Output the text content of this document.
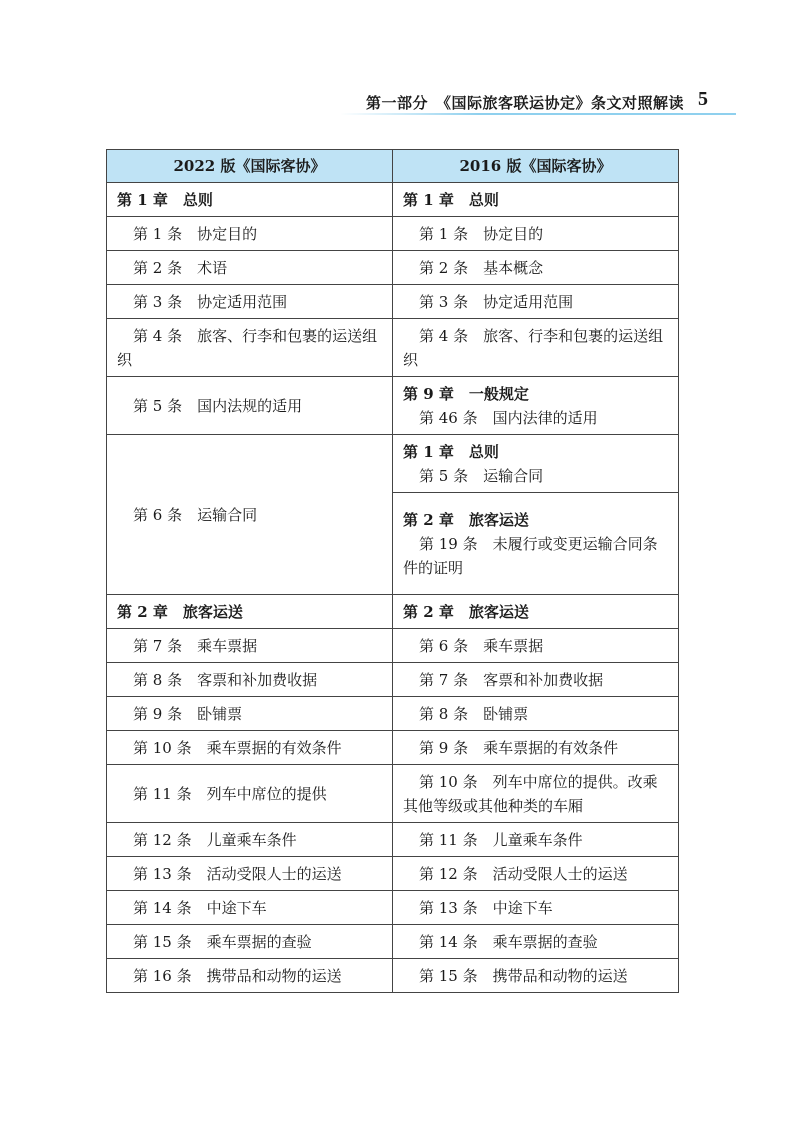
第一部分　《国际旅客联运协定》条文对照解读 5
2022 版《国际客协》	2016 版《国际客协》
第 1 章　总则	第 1 章　总则
第 1 条　协定目的	第 1 条　协定目的
第 2 条　术语	第 2 条　基本概念
第 3 条　协定适用范围	第 3 条　协定适用范围
第 4 条　旅客、行李和包裹的运送组织	第 4 条　旅客、行李和包裹的运送组织
第 5 条　国内法规的适用	第 9 章　一般规定
第 46 条　国内法律的适用

第 6 条　运输合同	第 1 章　总则
第 5 条　运输合同

	第 2 章　旅客运送
第 19 条　未履行或变更运输合同条件的证明

第 2 章　旅客运送	第 2 章　旅客运送
第 7 条　乘车票据	第 6 条　乘车票据
第 8 条　客票和补加费收据	第 7 条　客票和补加费收据
第 9 条　卧铺票	第 8 条　卧铺票
第 10 条　乘车票据的有效条件	第 9 条　乘车票据的有效条件
第 11 条　列车中席位的提供	第 10 条　列车中席位的提供。改乘其他等级或其他种类的车厢
第 12 条　儿童乘车条件	第 11 条　儿童乘车条件
第 13 条　活动受限人士的运送	第 12 条　活动受限人士的运送
第 14 条　中途下车	第 13 条　中途下车
第 15 条　乘车票据的查验	第 14 条　乘车票据的查验
第 16 条　携带品和动物的运送	第 15 条　携带品和动物的运送
